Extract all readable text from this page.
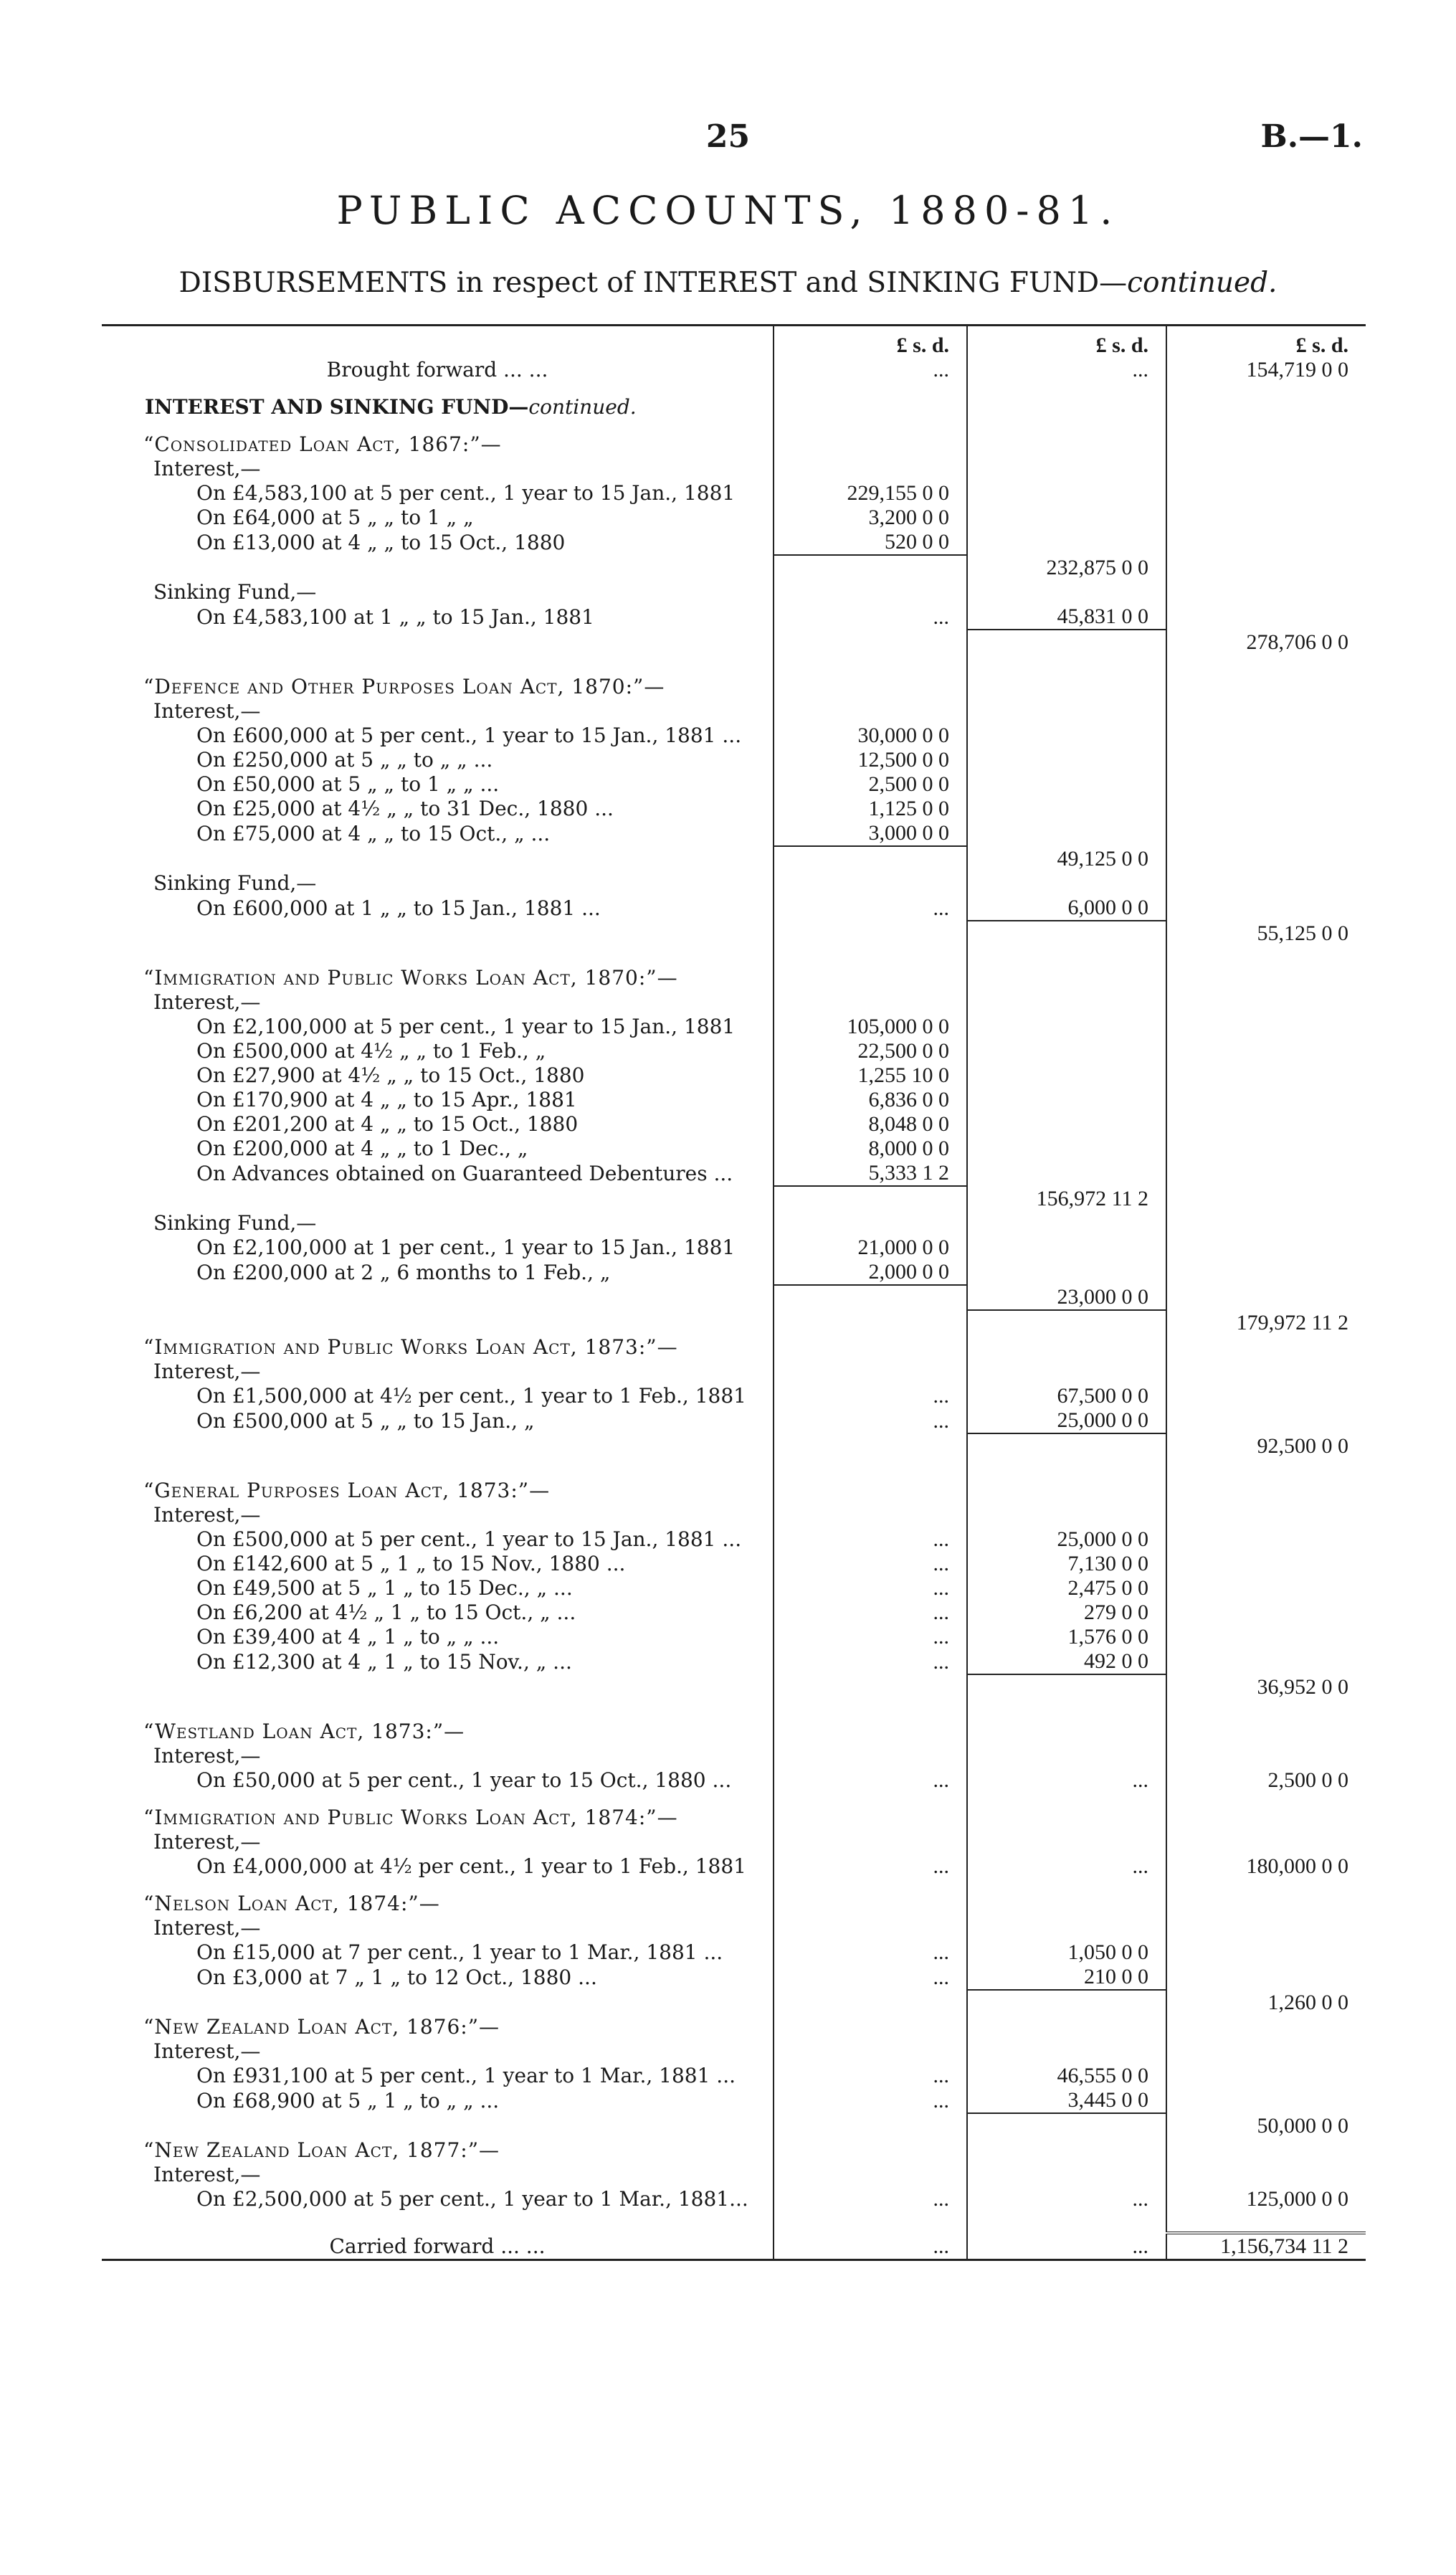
25	B.—1.
PUBLIC ACCOUNTS, 1880-81.
DISBURSEMENTS in respect of INTEREST and SINKING FUND—continued.
	£ s. d.	£ s. d.	£ s. d.
Brought forward ... ...	...	...	154,719 0 0

INTEREST AND SINKING FUND—continued.			

“Consolidated Loan Act, 1867:”—			
Interest,—			
On £4,583,100 at 5 per cent., 1 year to 15 Jan., 1881	229,155 0 0		
On £64,000 at 5 „ „ to 1 „ „	3,200 0 0		
On £13,000 at 4 „ „ to 15 Oct., 1880	520 0 0		
		232,875 0 0	
Sinking Fund,—			
On £4,583,100 at 1 „ „ to 15 Jan., 1881	...	45,831 0 0	
			278,706 0 0

“Defence and Other Purposes Loan Act, 1870:”—			
Interest,—			
On £600,000 at 5 per cent., 1 year to 15 Jan., 1881 ...	30,000 0 0		
On £250,000 at 5 „ „ to „ „ ...	12,500 0 0		
On £50,000 at 5 „ „ to 1 „ „ ...	2,500 0 0		
On £25,000 at 4½ „ „ to 31 Dec., 1880 ...	1,125 0 0		
On £75,000 at 4 „ „ to 15 Oct., „ ...	3,000 0 0		
		49,125 0 0	
Sinking Fund,—			
On £600,000 at 1 „ „ to 15 Jan., 1881 ...	...	6,000 0 0	
			55,125 0 0

“Immigration and Public Works Loan Act, 1870:”—			
Interest,—			
On £2,100,000 at 5 per cent., 1 year to 15 Jan., 1881	105,000 0 0		
On £500,000 at 4½ „ „ to 1 Feb., „	22,500 0 0		
On £27,900 at 4½ „ „ to 15 Oct., 1880	1,255 10 0		
On £170,900 at 4 „ „ to 15 Apr., 1881	6,836 0 0		
On £201,200 at 4 „ „ to 15 Oct., 1880	8,048 0 0		
On £200,000 at 4 „ „ to 1 Dec., „	8,000 0 0		
On Advances obtained on Guaranteed Debentures ...	5,333 1 2		
		156,972 11 2	
Sinking Fund,—			
On £2,100,000 at 1 per cent., 1 year to 15 Jan., 1881	21,000 0 0		
On £200,000 at 2 „ 6 months to 1 Feb., „	2,000 0 0		
		23,000 0 0	
			179,972 11 2
“Immigration and Public Works Loan Act, 1873:”—			
Interest,—			
On £1,500,000 at 4½ per cent., 1 year to 1 Feb., 1881	...	67,500 0 0	
On £500,000 at 5 „ „ to 15 Jan., „	...	25,000 0 0	
			92,500 0 0

“General Purposes Loan Act, 1873:”—			
Interest,—			
On £500,000 at 5 per cent., 1 year to 15 Jan., 1881 ...	...	25,000 0 0	
On £142,600 at 5 „ 1 „ to 15 Nov., 1880 ...	...	7,130 0 0	
On £49,500 at 5 „ 1 „ to 15 Dec., „ ...	...	2,475 0 0	
On £6,200 at 4½ „ 1 „ to 15 Oct., „ ...	...	279 0 0	
On £39,400 at 4 „ 1 „ to „ „ ...	...	1,576 0 0	
On £12,300 at 4 „ 1 „ to 15 Nov., „ ...	...	492 0 0	
			36,952 0 0

“Westland Loan Act, 1873:”—			
Interest,—			
On £50,000 at 5 per cent., 1 year to 15 Oct., 1880 ...	...	...	2,500 0 0

“Immigration and Public Works Loan Act, 1874:”—			
Interest,—			
On £4,000,000 at 4½ per cent., 1 year to 1 Feb., 1881	...	...	180,000 0 0

“Nelson Loan Act, 1874:”—			
Interest,—			
On £15,000 at 7 per cent., 1 year to 1 Mar., 1881 ...	...	1,050 0 0	
On £3,000 at 7 „ 1 „ to 12 Oct., 1880 ...	...	210 0 0	
			1,260 0 0
“New Zealand Loan Act, 1876:”—			
Interest,—			
On £931,100 at 5 per cent., 1 year to 1 Mar., 1881 ...	...	46,555 0 0	
On £68,900 at 5 „ 1 „ to „ „ ...	...	3,445 0 0	
			50,000 0 0
“New Zealand Loan Act, 1877:”—			
Interest,—			
On £2,500,000 at 5 per cent., 1 year to 1 Mar., 1881...	...	...	125,000 0 0

Carried forward ... ...	...	...	1,156,734 11 2
